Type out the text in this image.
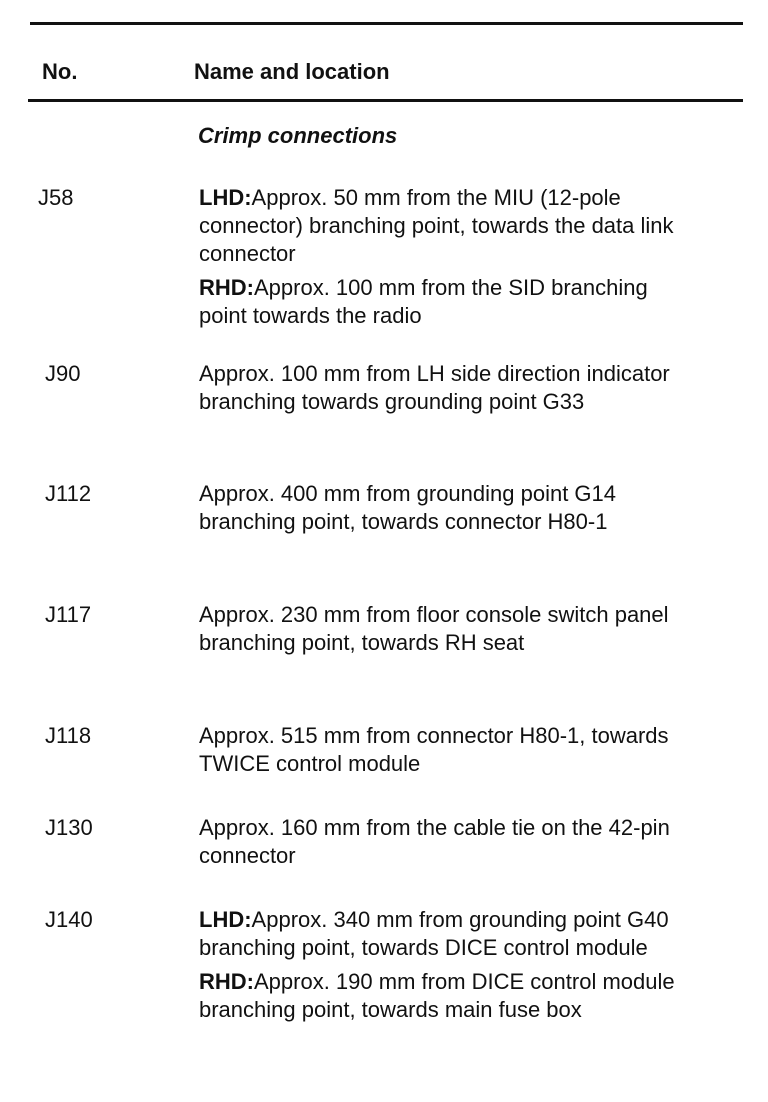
No.	Name and location
Crimp connections
J58	LHD:Approx. 50 mm from the MIU (12-pole connector) branching point, towards the data link connector
RHD:Approx. 100 mm from the SID branching point towards the radio
J90	Approx. 100 mm from LH side direction indicator branching towards grounding point G33
J112	Approx. 400 mm from grounding point G14 branching point, towards connector H80-1
J117	Approx. 230 mm from floor console switch panel branching point, towards RH seat
J118	Approx. 515 mm from connector H80-1, towards TWICE control module
J130	Approx. 160 mm from the cable tie on the 42-pin connector
J140	LHD:Approx. 340 mm from grounding point G40 branching point, towards DICE control module
RHD:Approx. 190 mm from DICE control module branching point, towards main fuse box
